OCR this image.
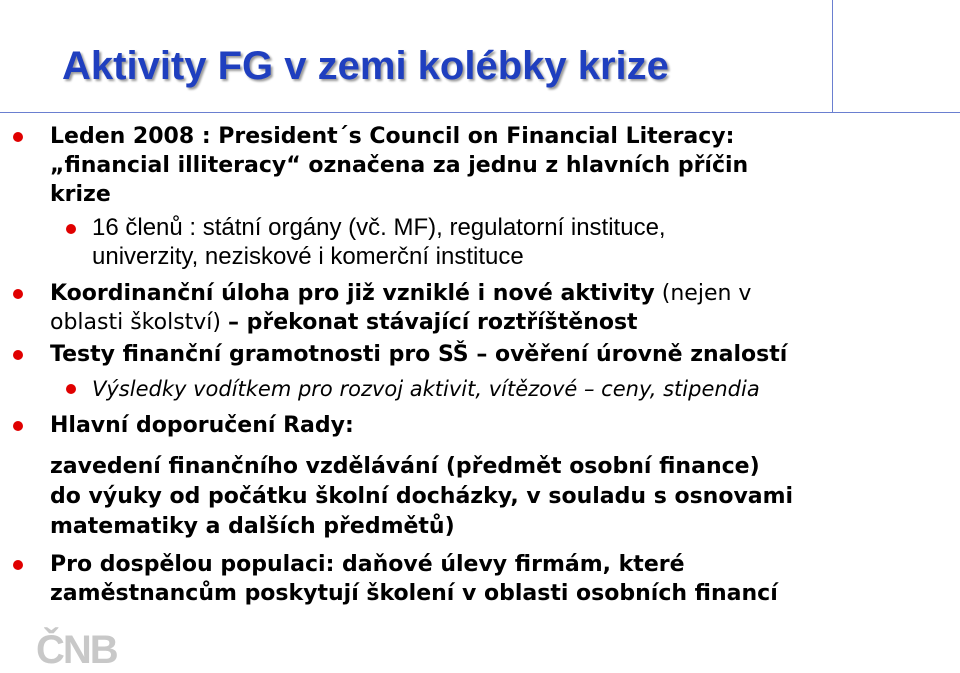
Aktivity FG v zemi kolébky krize
Leden 2008 : President´s Council on Financial Literacy:
„financial illiteracy“ označena za jednu z hlavních příčin
krize
16 členů : státní orgány (vč. MF), regulatorní instituce,
univerzity, neziskové i komerční instituce
Koordinanční úloha pro již vzniklé i nové aktivity (nejen v
oblasti školství) – překonat stávající roztříštěnost
Testy finanční gramotnosti pro SŠ – ověření úrovně znalostí
Výsledky vodítkem pro rozvoj aktivit, vítězové – ceny, stipendia
Hlavní doporučení Rady:
zavedení finančního vzdělávání (předmět osobní finance)
do výuky od počátku školní docházky, v souladu s osnovami
matematiky a dalších předmětů)
Pro dospělou populaci: daňové úlevy firmám, které
zaměstnancům poskytují školení v oblasti osobních financí
ČNB
